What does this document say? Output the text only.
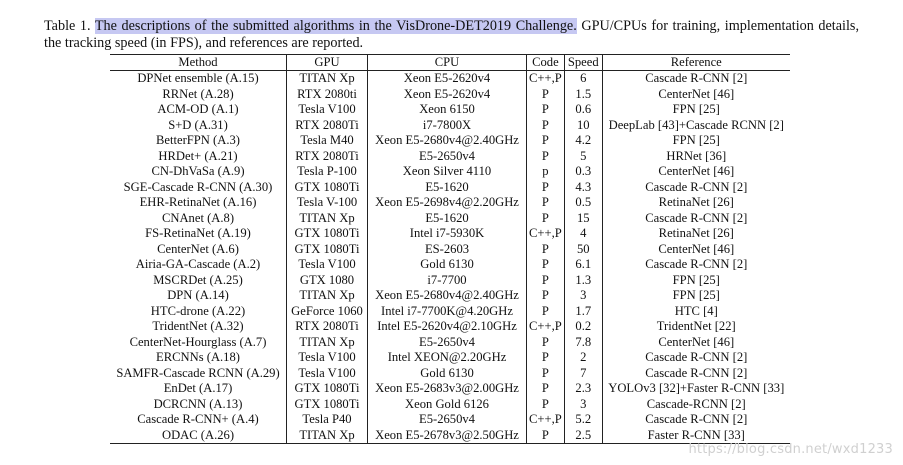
Table 1. The descriptions of the submitted algorithms in the VisDrone-DET2019 Challenge. GPU/CPUs for training, implementation details, the tracking speed (in FPS), and references are reported.
Method	GPU	CPU	Code	Speed	Reference
DPNet ensemble (A.15)	TITAN Xp	Xeon E5-2620v4	C++,P	6	Cascade R-CNN [2]
RRNet (A.28)	RTX 2080ti	Xeon E5-2620v4	P	1.5	CenterNet [46]
ACM-OD (A.1)	Tesla V100	Xeon 6150	P	0.6	FPN [25]
S+D (A.31)	RTX 2080Ti	i7-7800X	P	10	DeepLab [43]+Cascade RCNN [2]
BetterFPN (A.3)	Tesla M40	Xeon E5-2680v4@2.40GHz	P	4.2	FPN [25]
HRDet+ (A.21)	RTX 2080Ti	E5-2650v4	P	5	HRNet [36]
CN-DhVaSa (A.9)	Tesla P-100	Xeon Silver 4110	p	0.3	CenterNet [46]
SGE-Cascade R-CNN (A.30)	GTX 1080Ti	E5-1620	P	4.3	Cascade R-CNN [2]
EHR-RetinaNet (A.16)	Tesla V-100	Xeon E5-2698v4@2.20GHz	P	0.5	RetinaNet [26]
CNAnet (A.8)	TITAN Xp	E5-1620	P	15	Cascade R-CNN [2]
FS-RetinaNet (A.19)	GTX 1080Ti	Intel i7-5930K	C++,P	4	RetinaNet [26]
CenterNet (A.6)	GTX 1080Ti	ES-2603	P	50	CenterNet [46]
Airia-GA-Cascade (A.2)	Tesla V100	Gold 6130	P	6.1	Cascade R-CNN [2]
MSCRDet (A.25)	GTX 1080	i7-7700	P	1.3	FPN [25]
DPN (A.14)	TITAN Xp	Xeon E5-2680v4@2.40GHz	P	3	FPN [25]
HTC-drone (A.22)	GeForce 1060	Intel i7-7700K@4.20GHz	P	1.7	HTC [4]
TridentNet (A.32)	RTX 2080Ti	Intel E5-2620v4@2.10GHz	C++,P	0.2	TridentNet [22]
CenterNet-Hourglass (A.7)	TITAN Xp	E5-2650v4	P	7.8	CenterNet [46]
ERCNNs (A.18)	Tesla V100	Intel XEON@2.20GHz	P	2	Cascade R-CNN [2]
SAMFR-Cascade RCNN (A.29)	Tesla V100	Gold 6130	P	7	Cascade R-CNN [2]
EnDet (A.17)	GTX 1080Ti	Xeon E5-2683v3@2.00GHz	P	2.3	YOLOv3 [32]+Faster R-CNN [33]
DCRCNN (A.13)	GTX 1080Ti	Xeon Gold 6126	P	3	Cascade-RCNN [2]
Cascade R-CNN+ (A.4)	Tesla P40	E5-2650v4	C++,P	5.2	Cascade R-CNN [2]
ODAC (A.26)	TITAN Xp	Xeon E5-2678v3@2.50GHz	P	2.5	Faster R-CNN [33]
https://blog.csdn.net/wxd1233
